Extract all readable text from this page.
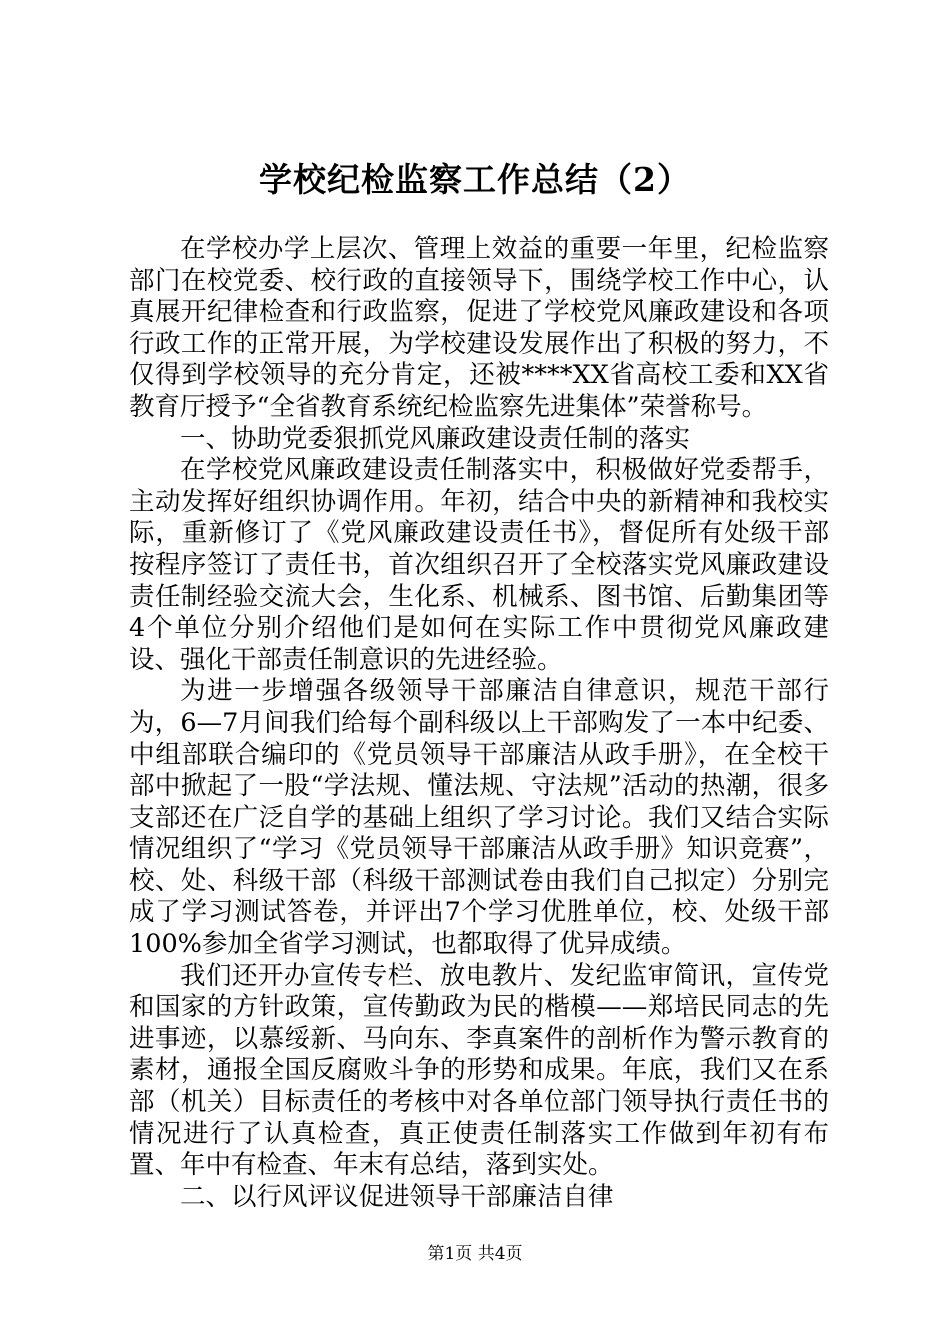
学校纪检监察工作总结（2）

在学校办学上层次、管理上效益的重要一年里，纪检监察部门在校党委、校行政的直接领导下，围绕学校工作中心，认真展开纪律检查和行政监察，促进了学校党风廉政建设和各项行政工作的正常开展，为学校建设发展作出了积极的努力，不仅得到学校领导的充分肯定，还被****XX省高校工委和XX省教育厅授予“全省教育系统纪检监察先进集体”荣誉称号。

一、协助党委狠抓党风廉政建设责任制的落实

在学校党风廉政建设责任制落实中，积极做好党委帮手，主动发挥好组织协调作用。年初，结合中央的新精神和我校实际，重新修订了《党风廉政建设责任书》，督促所有处级干部按程序签订了责任书，首次组织召开了全校落实党风廉政建设责任制经验交流大会，生化系、机械系、图书馆、后勤集团等4个单位分别介绍他们是如何在实际工作中贯彻党风廉政建设、强化干部责任制意识的先进经验。

为进一步增强各级领导干部廉洁自律意识，规范干部行为，6—7月间我们给每个副科级以上干部购发了一本中纪委、中组部联合编印的《党员领导干部廉洁从政手册》，在全校干部中掀起了一股“学法规、懂法规、守法规”活动的热潮，很多支部还在广泛自学的基础上组织了学习讨论。我们又结合实际情况组织了“学习《党员领导干部廉洁从政手册》知识竞赛”，校、处、科级干部（科级干部测试卷由我们自己拟定）分别完成了学习测试答卷，并评出7个学习优胜单位，校、处级干部100%参加全省学习测试，也都取得了优异成绩。

我们还开办宣传专栏、放电教片、发纪监审简讯，宣传党和国家的方针政策，宣传勤政为民的楷模——郑培民同志的先进事迹，以慕绥新、马向东、李真案件的剖析作为警示教育的素材，通报全国反腐败斗争的形势和成果。年底，我们又在系部（机关）目标责任的考核中对各单位部门领导执行责任书的情况进行了认真检查，真正使责任制落实工作做到年初有布置、年中有检查、年末有总结，落到实处。

二、以行风评议促进领导干部廉洁自律

第1页 共4页
